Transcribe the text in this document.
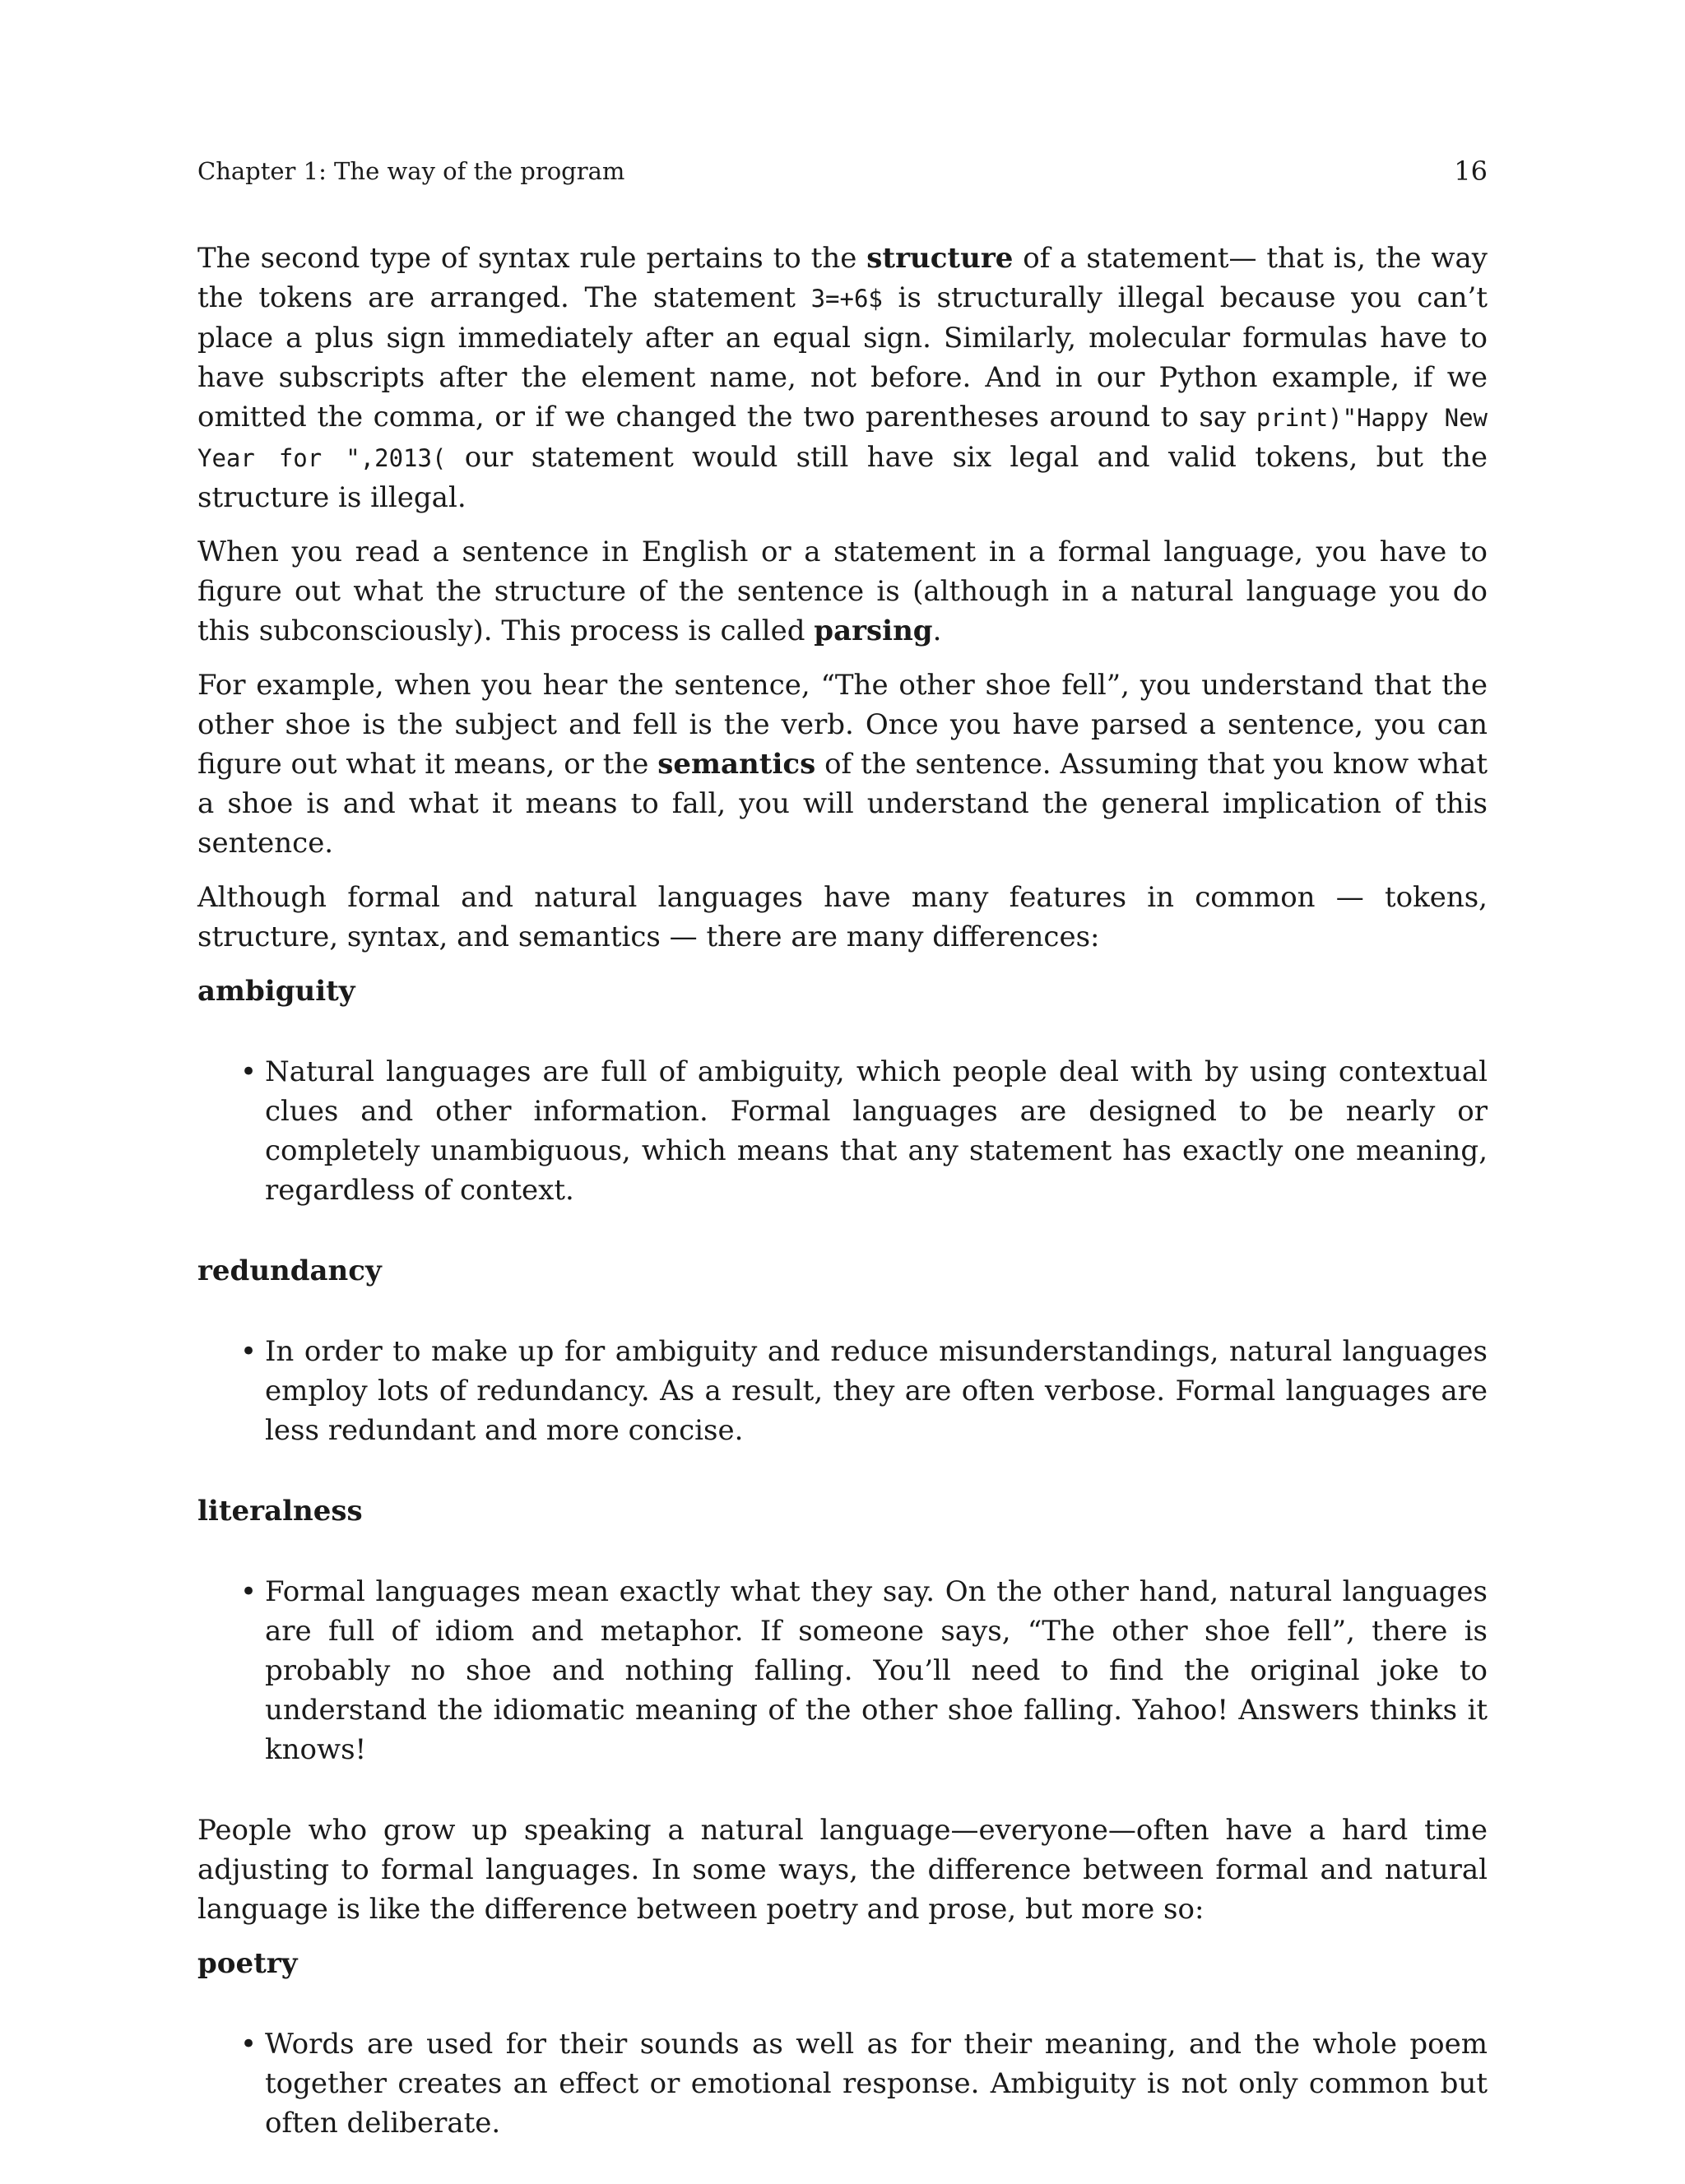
Chapter 1: The way of the program	16

The second type of syntax rule pertains to the structure of a statement— that is, the way the tokens are arranged. The statement 3=+6$ is structurally illegal because you can’t place a plus sign immediately after an equal sign. Similarly, molecular formulas have to have subscripts after the element name, not before. And in our Python example, if we omitted the comma, or if we changed the two parentheses around to say print)"Happy New Year for ",2013( our statement would still have six legal and valid tokens, but the structure is illegal.

When you read a sentence in English or a statement in a formal language, you have to figure out what the structure of the sentence is (although in a natural language you do this subconsciously). This process is called parsing.

For example, when you hear the sentence, “The other shoe fell”, you understand that the other shoe is the subject and fell is the verb. Once you have parsed a sentence, you can figure out what it means, or the semantics of the sentence. Assuming that you know what a shoe is and what it means to fall, you will understand the general implication of this sentence.

Although formal and natural languages have many features in common — tokens, structure, syntax, and semantics — there are many differences:

ambiguity
• Natural languages are full of ambiguity, which people deal with by using contextual clues and other information. Formal languages are designed to be nearly or completely unambiguous, which means that any statement has exactly one meaning, regardless of context.
redundancy
• In order to make up for ambiguity and reduce misunderstandings, natural languages employ lots of redundancy. As a result, they are often verbose. Formal languages are less redundant and more concise.
literalness
• Formal languages mean exactly what they say. On the other hand, natural languages are full of idiom and metaphor. If someone says, “The other shoe fell”, there is probably no shoe and nothing falling. You’ll need to find the original joke to understand the idiomatic meaning of the other shoe falling. Yahoo! Answers thinks it knows!

People who grow up speaking a natural language—everyone—often have a hard time adjusting to formal languages. In some ways, the difference between formal and natural language is like the difference between poetry and prose, but more so:

poetry
• Words are used for their sounds as well as for their meaning, and the whole poem together creates an effect or emotional response. Ambiguity is not only common but often deliberate.
